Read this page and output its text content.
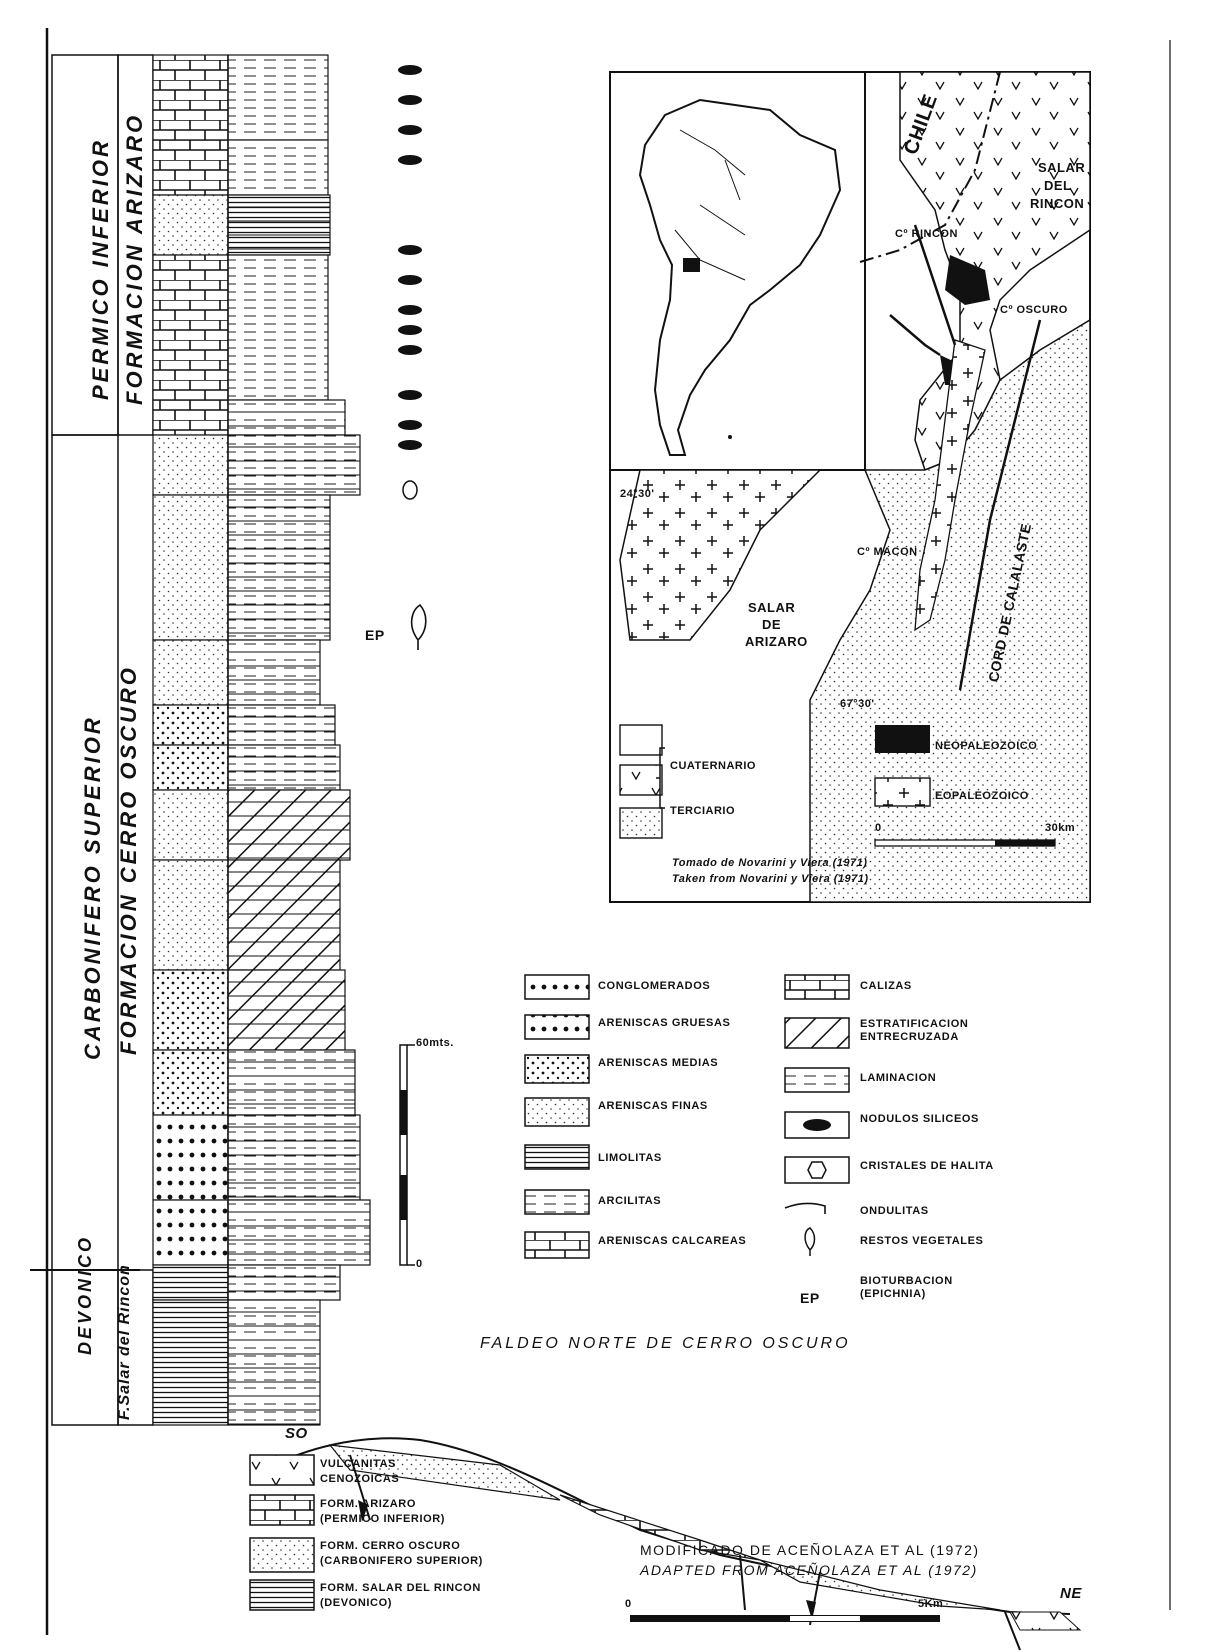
PERMICO INFERIOR
CARBONIFERO SUPERIOR
DEVONICO
FORMACION ARIZARO
FORMACION CERRO OSCURO
F.Salar del Rincon
EP
60mts.
0
CHILE
SALAR
DEL
RINCON
Cº RINCON
Cº OSCURO
24°30'
Cº MACON
SALAR
DE
ARIZARO	CORD DE CALALASTE
67°30'
CUATERNARIO
TERCIARIO
NEOPALEOZOICO
EOPALEOZOICO
0	30km
Tomado de Novarini y Viera (1971)
Taken from Novarini y Viera (1971)
CONGLOMERADOS
ARENISCAS GRUESAS
ARENISCAS MEDIAS
ARENISCAS FINAS
LIMOLITAS
ARCILITAS
ARENISCAS CALCAREAS
CALIZAS
ESTRATIFICACION ENTRECRUZADA
LAMINACION
NODULOS SILICEOS
CRISTALES DE HALITA
ONDULITAS
RESTOS VEGETALES
BIOTURBACION (EPICHNIA)
EP
FALDEO NORTE DE CERRO OSCURO
SO
NE
0	5Km
VULCANITAS
CENOZOICAS
FORM. ARIZARO
(PERMICO INFERIOR)
FORM. CERRO OSCURO
(CARBONIFERO SUPERIOR)
FORM. SALAR DEL RINCON
(DEVONICO)
MODIFICADO DE ACEÑOLAZA ET AL (1972)
ADAPTED FROM ACEÑOLAZA ET AL (1972)
